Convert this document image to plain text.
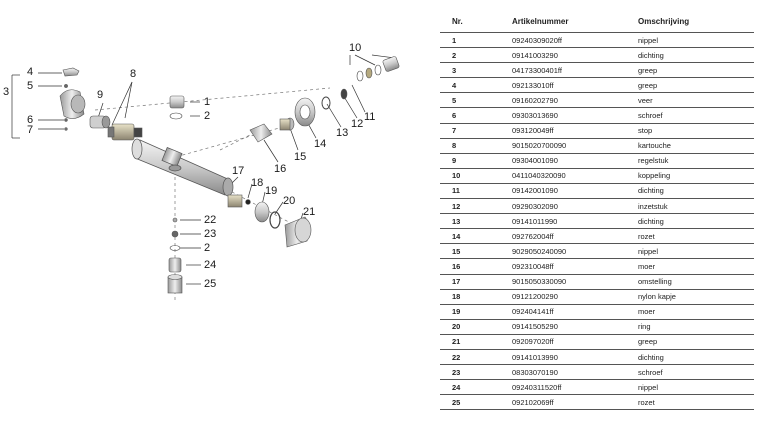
4
5
3
6
7
8
9
1
2
10
11
12
13
14
15
16
17
18
19
20
21
22
23
2
24
25
Nr.	Artikelnummer	Omschrijving
1	09240309020ff	nippel
2	09141003290	dichting
3	04173300401ff	greep
4	092133010ff	greep
5	09160202790	veer
6	09303013690	schroef
7	093120049ff	stop
8	9015020700090	kartouche
9	09304001090	regelstuk
10	0411040320090	koppeling
11	09142001090	dichting
12	09290302090	inzetstuk
13	09141011990	dichting
14	092762004ff	rozet
15	9029050240090	nippel
16	092310048ff	moer
17	9015050330090	omstelling
18	09121200290	nylon kapje
19	092404141ff	moer
20	09141505290	ring
21	092097020ff	greep
22	09141013990	dichting
23	08303070190	schroef
24	09240311520ff	nippel
25	092102069ff	rozet
